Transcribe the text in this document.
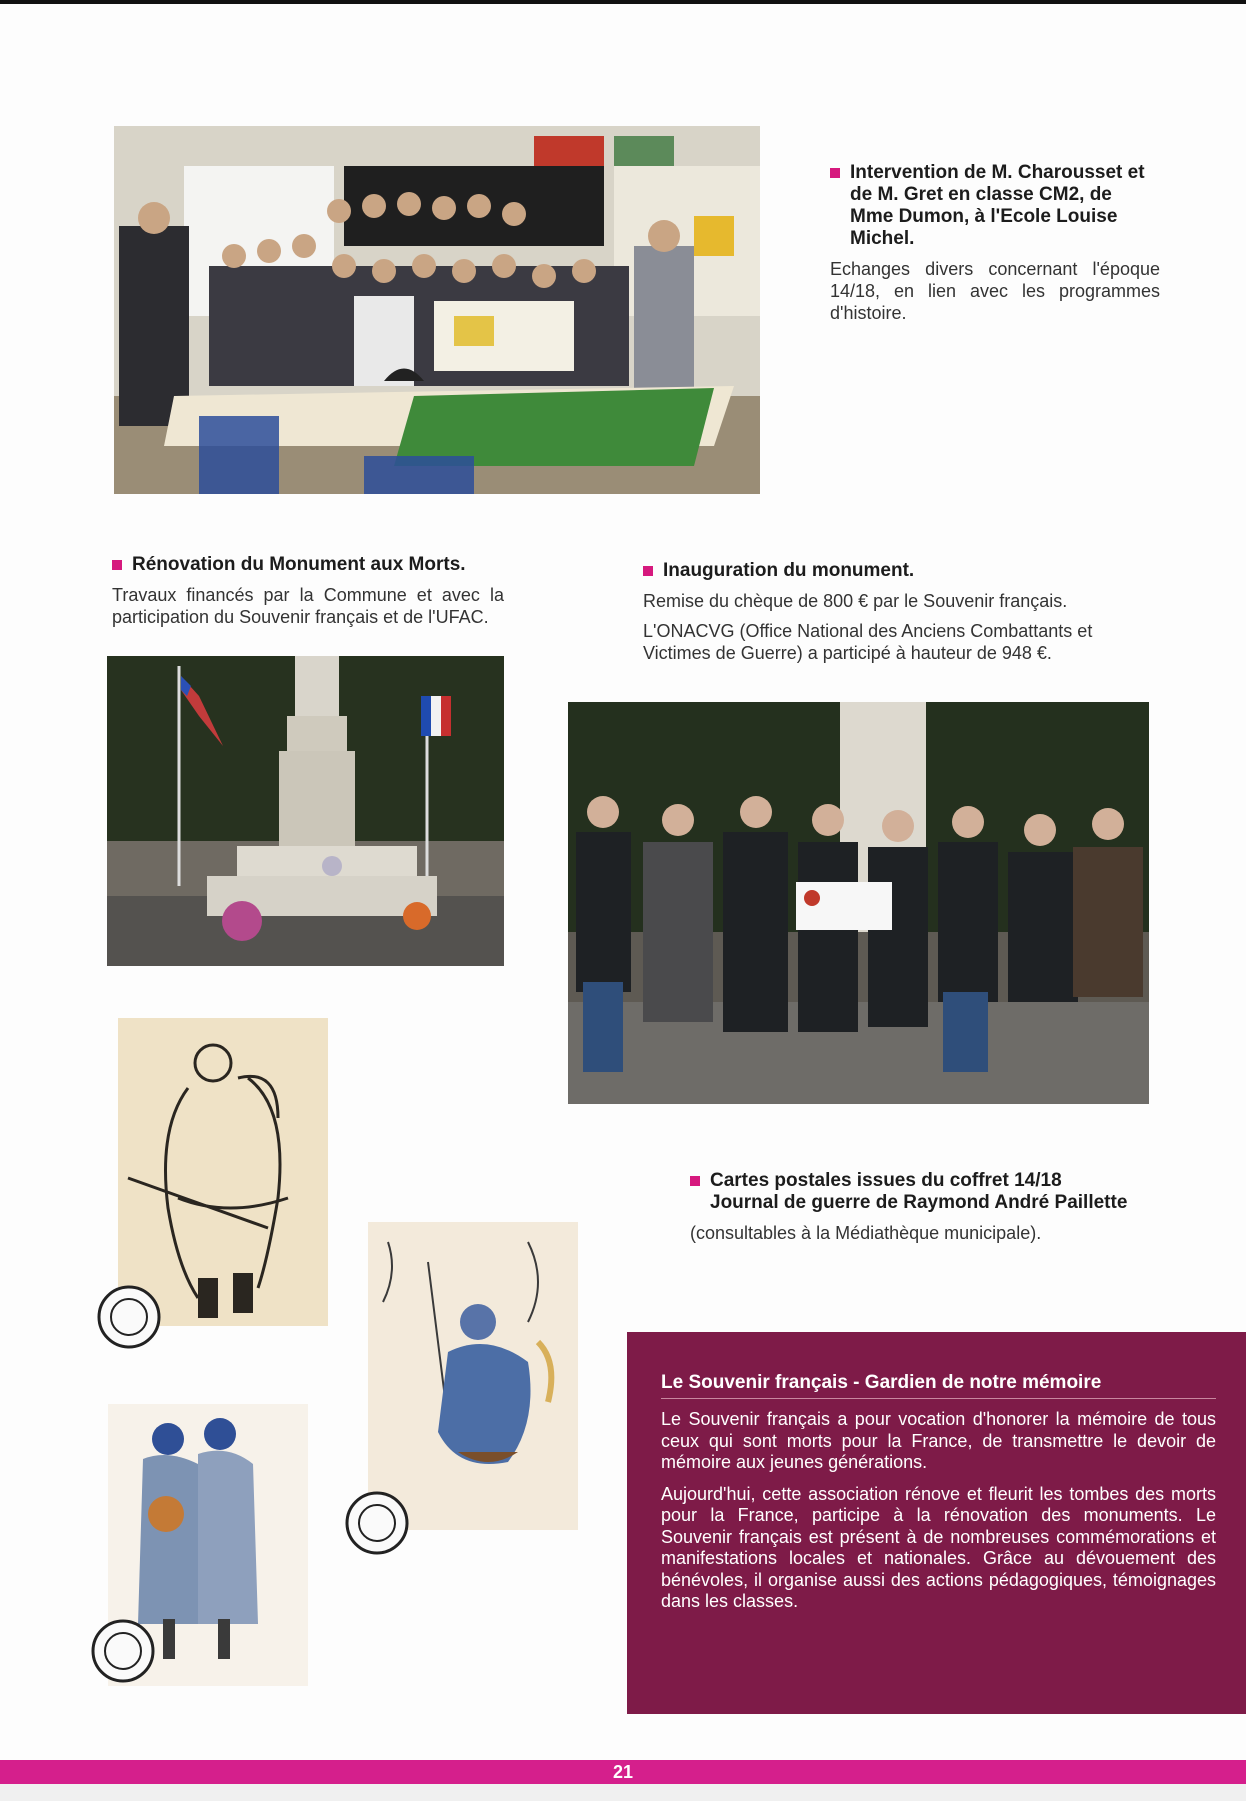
Intervention de M. Charousset et de M. Gret en classe CM2, de Mme Dumon, à l'Ecole Louise Michel.
Echanges divers concernant l'époque 14/18, en lien avec les programmes d'histoire.
Rénovation du Monument aux Morts.
Travaux financés par la Commune et avec la participation du Souvenir français et de l'UFAC.
Inauguration du monument.
Remise du chèque de 800 € par le Souvenir français.
L'ONACVG (Office National des Anciens Combattants et Victimes de Guerre) a participé à hauteur de 948 €.
Cartes postales issues du coffret 14/18 Journal de guerre de Raymond André Paillette
(consultables à la Médiathèque municipale).
Le Souvenir français - Gardien de notre mémoire
Le Souvenir français a pour vocation d'honorer la mémoire de tous ceux qui sont morts pour la France, de transmettre le devoir de mémoire aux jeunes générations.
Aujourd'hui, cette association rénove et fleurit les tombes des morts pour la France, participe à la rénovation des monuments. Le Souvenir français est présent à de nombreuses commémorations et manifestations locales et nationales. Grâce au dévouement des bénévoles, il organise aussi des actions pédagogiques, témoignages dans les classes.
21
